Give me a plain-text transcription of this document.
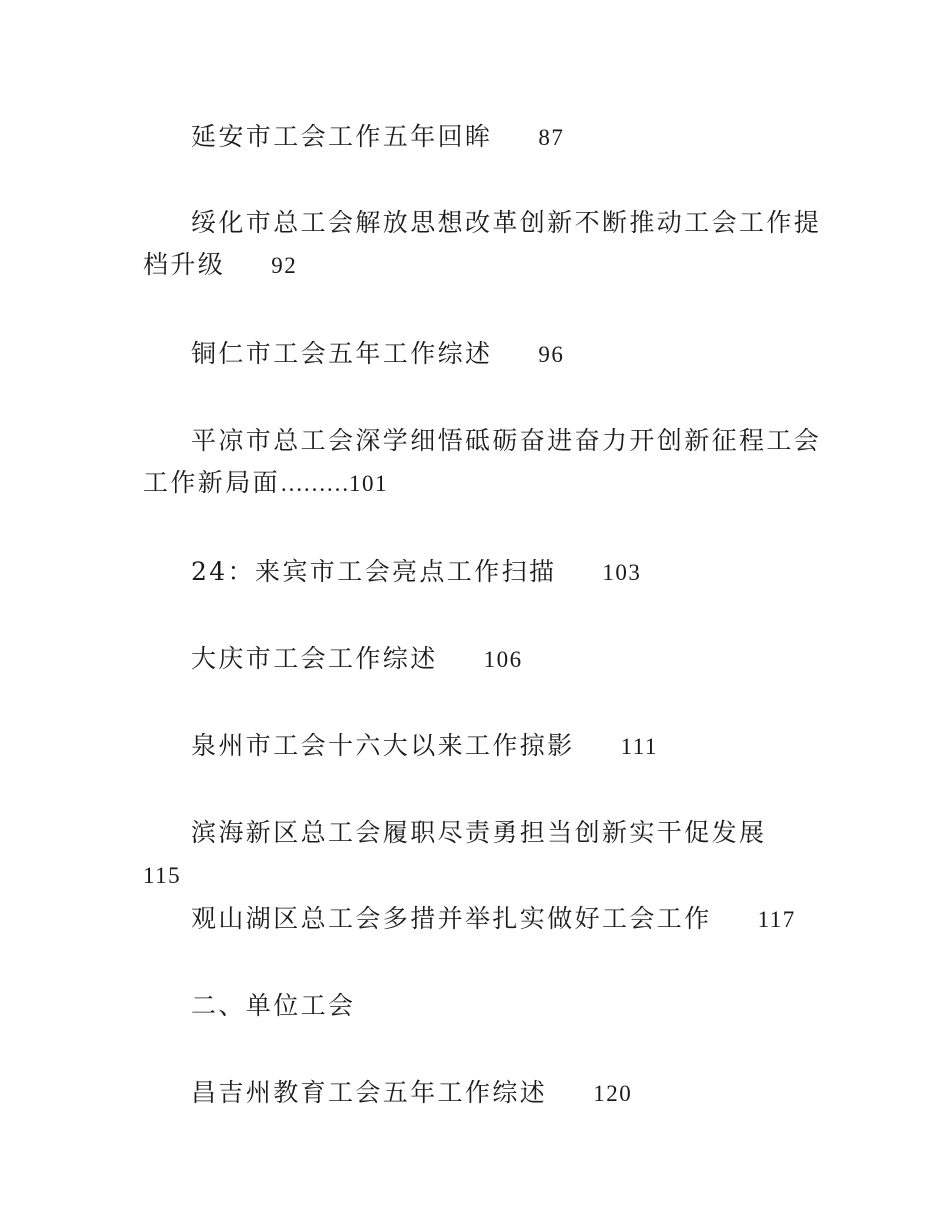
延安市工会工作五年回眸 87
绥化市总工会解放思想改革创新不断推动工会工作提档升级 92
铜仁市工会五年工作综述 96
平凉市总工会深学细悟砥砺奋进奋力开创新征程工会工作新局面………101
24：来宾市工会亮点工作扫描 103
大庆市工会工作综述 106
泉州市工会十六大以来工作掠影 111
滨海新区总工会履职尽责勇担当创新实干促发展115
观山湖区总工会多措并举扎实做好工会工作 117
二、单位工会
昌吉州教育工会五年工作综述 120
